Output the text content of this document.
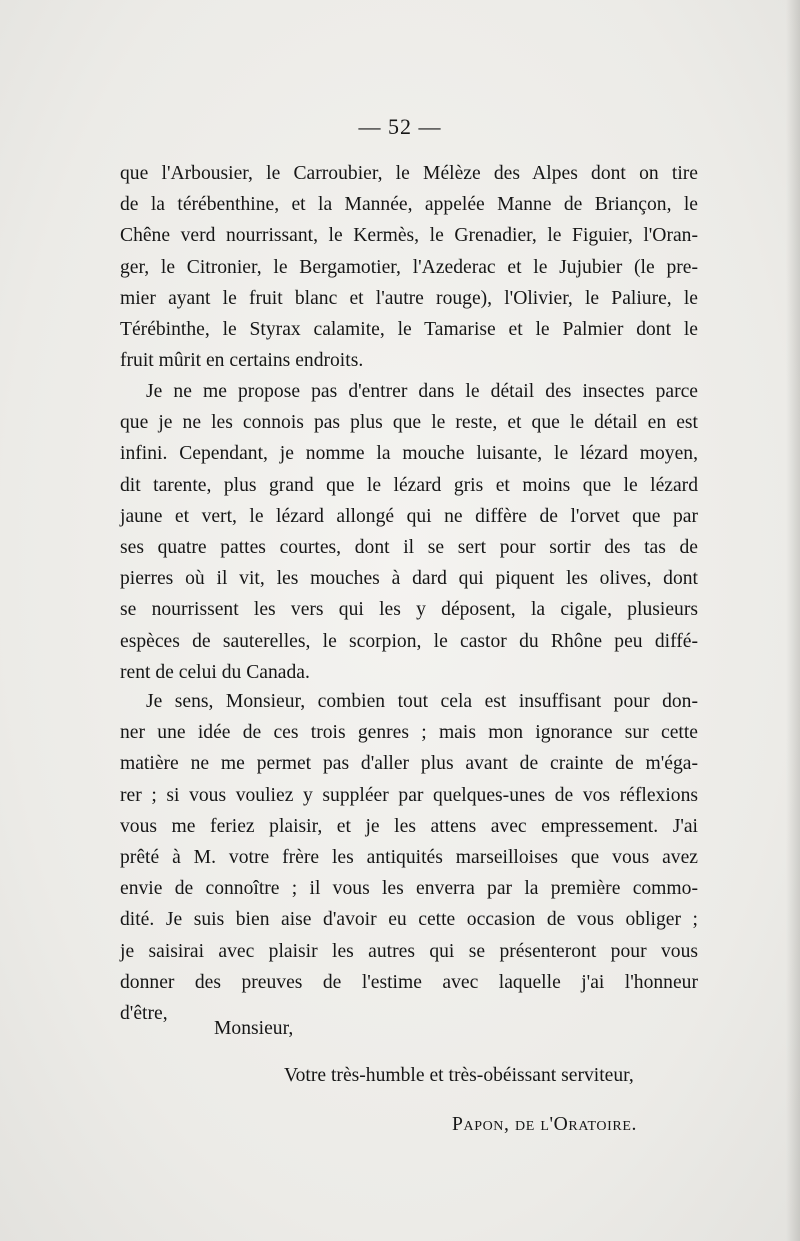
— 52 —
que l'Arbousier, le Carroubier, le Mélèze des Alpes dont on tire
de la térébenthine, et la Mannée, appelée Manne de Briançon, le
Chêne verd nourrissant, le Kermès, le Grenadier, le Figuier, l'Oran-
ger, le Citronier, le Bergamotier, l'Azederac et le Jujubier (le pre-
mier ayant le fruit blanc et l'autre rouge), l'Olivier, le Paliure, le
Térébinthe, le Styrax calamite, le Tamarise et le Palmier dont le
fruit mûrit en certains endroits.
Je ne me propose pas d'entrer dans le détail des insectes parce
que je ne les connois pas plus que le reste, et que le détail en est
infini. Cependant, je nomme la mouche luisante, le lézard moyen,
dit tarente, plus grand que le lézard gris et moins que le lézard
jaune et vert, le lézard allongé qui ne diffère de l'orvet que par
ses quatre pattes courtes, dont il se sert pour sortir des tas de
pierres où il vit, les mouches à dard qui piquent les olives, dont
se nourrissent les vers qui les y déposent, la cigale, plusieurs
espèces de sauterelles, le scorpion, le castor du Rhône peu diffé-
rent de celui du Canada.
Je sens, Monsieur, combien tout cela est insuffisant pour don-
ner une idée de ces trois genres ; mais mon ignorance sur cette
matière ne me permet pas d'aller plus avant de crainte de m'éga-
rer ; si vous vouliez y suppléer par quelques-unes de vos réflexions
vous me feriez plaisir, et je les attens avec empressement. J'ai
prêté à M. votre frère les antiquités marseilloises que vous avez
envie de connoître ; il vous les enverra par la première commo-
dité. Je suis bien aise d'avoir eu cette occasion de vous obliger ;
je saisirai avec plaisir les autres qui se présenteront pour vous
donner des preuves de l'estime avec laquelle j'ai l'honneur
d'être,
Monsieur,
Votre très-humble et très-obéissant serviteur,
Papon, de l'Oratoire.
